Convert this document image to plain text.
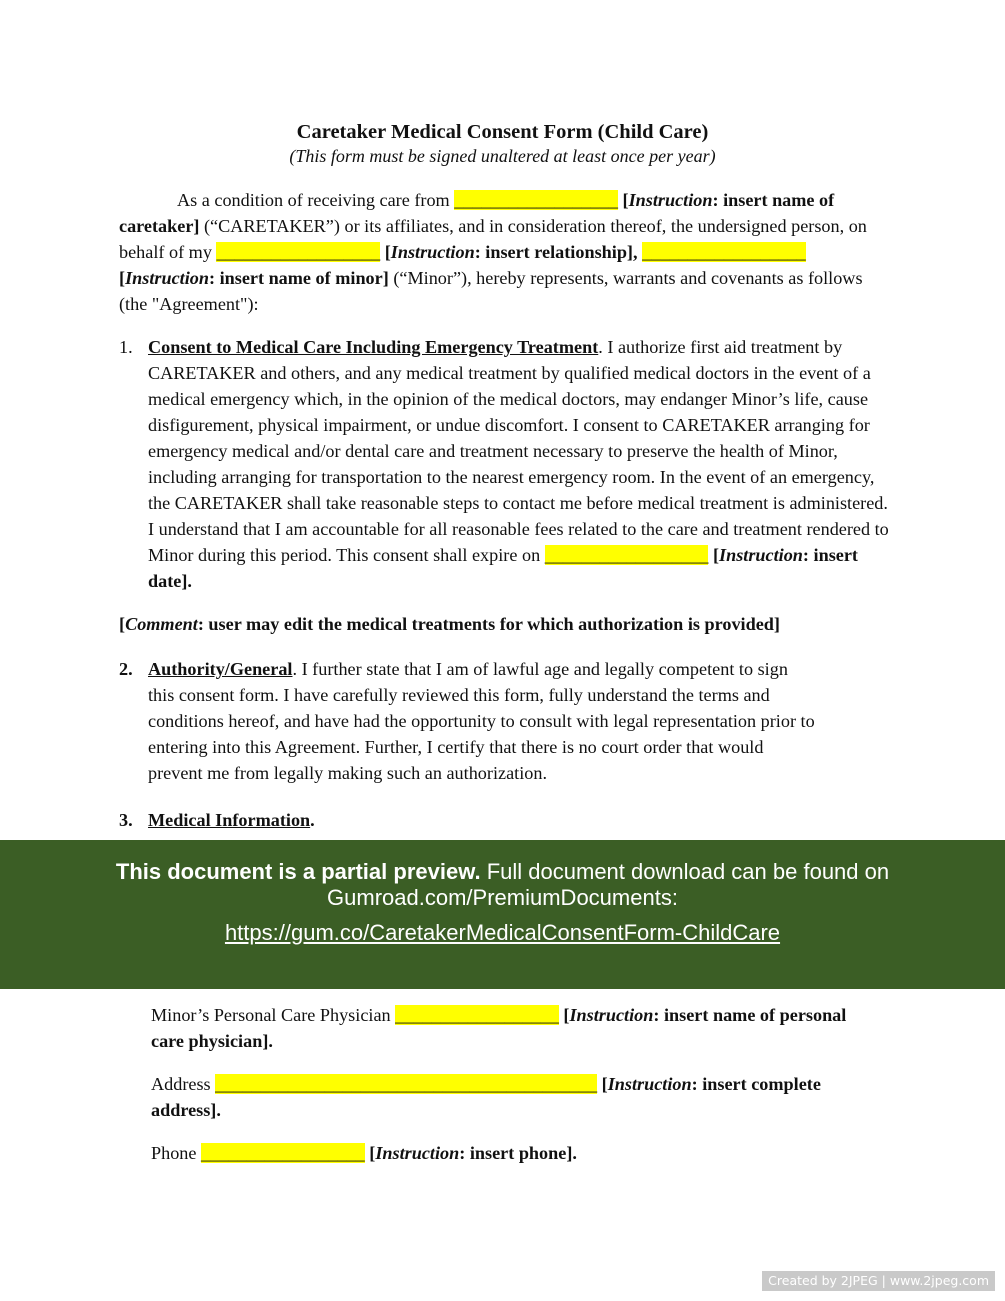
Caretaker Medical Consent Form (Child Care)
(This form must be signed unaltered at least once per year)

As a condition of receiving care from __________________ [Instruction: insert name of caretaker] (“CARETAKER”) or its affiliates, and in consideration thereof, the undersigned person, on behalf of my __________________ [Instruction: insert relationship], __________________ [Instruction: insert name of minor] (“Minor”), hereby represents, warrants and covenants as follows (the "Agreement"):

1. Consent to Medical Care Including Emergency Treatment. I authorize first aid treatment by CARETAKER and others, and any medical treatment by qualified medical doctors in the event of a medical emergency which, in the opinion of the medical doctors, may endanger Minor’s life, cause disfigurement, physical impairment, or undue discomfort. I consent to CARETAKER arranging for emergency medical and/or dental care and treatment necessary to preserve the health of Minor, including arranging for transportation to the nearest emergency room. In the event of an emergency, the CARETAKER shall take reasonable steps to contact me before medical treatment is administered. I understand that I am accountable for all reasonable fees related to the care and treatment rendered to Minor during this period. This consent shall expire on __________________ [Instruction: insert date].

[Comment: user may edit the medical treatments for which authorization is provided]

2. Authority/General. I further state that I am of lawful age and legally competent to sign this consent form. I have carefully reviewed this form, fully understand the terms and conditions hereof, and have had the opportunity to consult with legal representation prior to entering into this Agreement. Further, I certify that there is no court order that would prevent me from legally making such an authorization.

3. Medical Information.

This document is a partial preview. Full document download can be found on
Gumroad.com/PremiumDocuments:
https://gum.co/CaretakerMedicalConsentForm-ChildCare

Minor’s Personal Care Physician __________________ [Instruction: insert name of personal care physician].

Address __________________________________________ [Instruction: insert complete address].

Phone __________________ [Instruction: insert phone].

Created by 2JPEG | www.2jpeg.com
